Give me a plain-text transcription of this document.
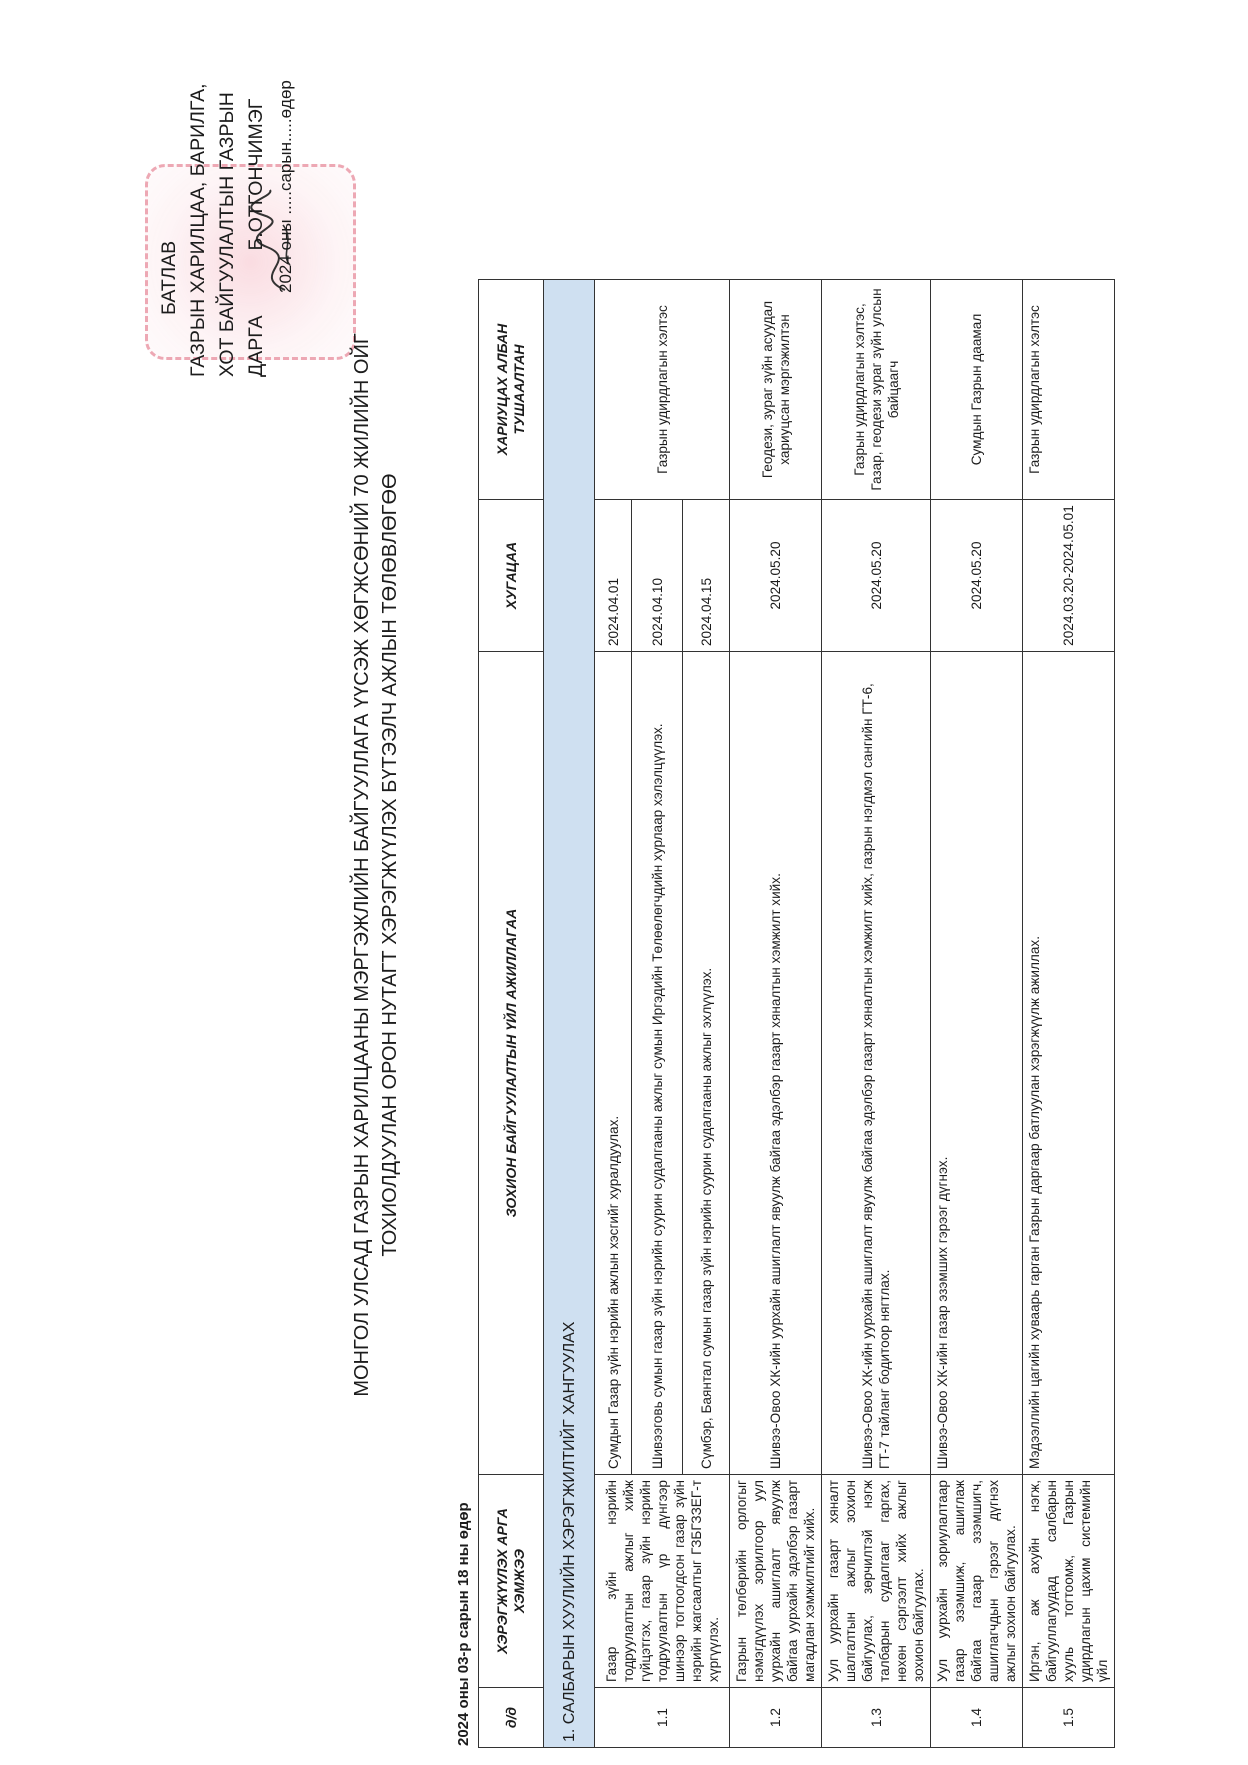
БАТЛАВ ГАЗРЫН ХАРИЛЦАА, БАРИЛГА, ХОТ БАЙГУУЛАЛТЫН ГАЗРЫН ДАРГА            Б.ОТГОНЧИМЭГ 2024 оны .....сарын.....өдөр
МОНГОЛ УЛСАД ГАЗРЫН ХАРИЛЦААНЫ МЭРГЭЖЛИЙН БАЙГУУЛЛАГА ҮҮСЭЖ ХӨГЖСӨНИЙ 70 ЖИЛИЙН ОЙГ ТОХИОЛДУУЛАН ОРОН НУТАГТ ХЭРЭГЖҮҮЛЭХ БҮТЭЭЛЧ АЖЛЫН ТӨЛӨВЛӨГӨӨ
2024 оны 03-р сарын 18 ны өдөр д/д	ХЭРЭГЖҮҮЛЭХ АРГА ХЭМЖЭЭ	ЗОХИОН БАЙГУУЛАЛТЫН ҮЙЛ АЖИЛЛАГАА	ХУГАЦАА	ХАРИУЦАХ АЛБАН ТУШААЛТАН
1. САЛБАРЫН ХУУЛИЙН ХЭРЭГЖИЛТИЙГ ХАНГУУЛАХ				
1.1	Газар зүйн нэрийн тодруулалтын ажлыг хийж гүйцэтгэх, газар зүйн нэрийн тодруулалтын үр дүнгээр шинээр тогтоогдсон газар зүйн нэрийн жагсаалтыг ГЗБГЗЗЕГ-т хүргүүлэх.	Сумдын Газар зүйн нэрийн ажлын хэсгийг хуралдуулах.	2024.04.01	Газрын удирдлагын хэлтэс
		Шивээговь сумын газар зүйн нэрийн суурин судалгааны ажлыг сумын Иргэдийн Төлөөлөгчдийн хурлаар хэлэлцүүлэх.	2024.04.10	
		Сүмбэр, Баянтал сумын газар зүйн нэрийн суурин судалгааны ажлыг эхлүүлэх.	2024.04.15	
1.2	Газрын төлбөрийн орлогыг нэмэгдүүлэх зорилгоор уул уурхайн ашиглалт явуулж байгаа уурхайн эдэлбэр газарт магадлан хэмжилтийг хийх.	Шивээ-Овоо ХК-ийн уурхайн ашиглалт явуулж байгаа эдэлбэр газарт хяналтын хэмжилт хийх.	2024.05.20	Геодези, зураг зүйн асуудал хариуцсан мэргэжилтэн
1.3	Уул уурхайн газарт хяналт шалгалтын ажлыг зохион байгуулах, зөрчилтэй нэгж талбарын судалгааг гаргах, нөхөн сэргээлт хийх ажлыг зохион байгуулах.	Шивээ-Овоо ХК-ийн уурхайн ашиглалт явуулж байгаа эдэлбэр газарт хяналтын хэмжилт хийх, газрын нэгдмэл сангийн ГТ-6, ГТ-7 тайланг бодитоор нягтлах.	2024.05.20	Газрын удирдлагын хэлтэс, Газар, геодези зураг зүйн улсын байцаагч
1.4	Уул уурхайн зориулалтаар газар эзэмшиж, ашиглаж байгаа газар эзэмшигч, ашиглагчдын гэрээг дүгнэх ажлыг зохион байгуулах.	Шивээ-Овоо ХК-ийн газар эзэмших гэрээг дүгнэх.	2024.05.20	Сумдын Газрын даамал
1.5	Иргэн, аж ахуйн нэгж, байгууллагуудад салбарын хууль тогтоомж, Газрын удирдлагын цахим системийн үйл	Мэдээллийн цагийн хуваарь гарган Газрын даргаар батлуулан хэрэгжүүлж ажиллах.	2024.03.20-2024.05.01	Газрын удирдлагын хэлтэс
